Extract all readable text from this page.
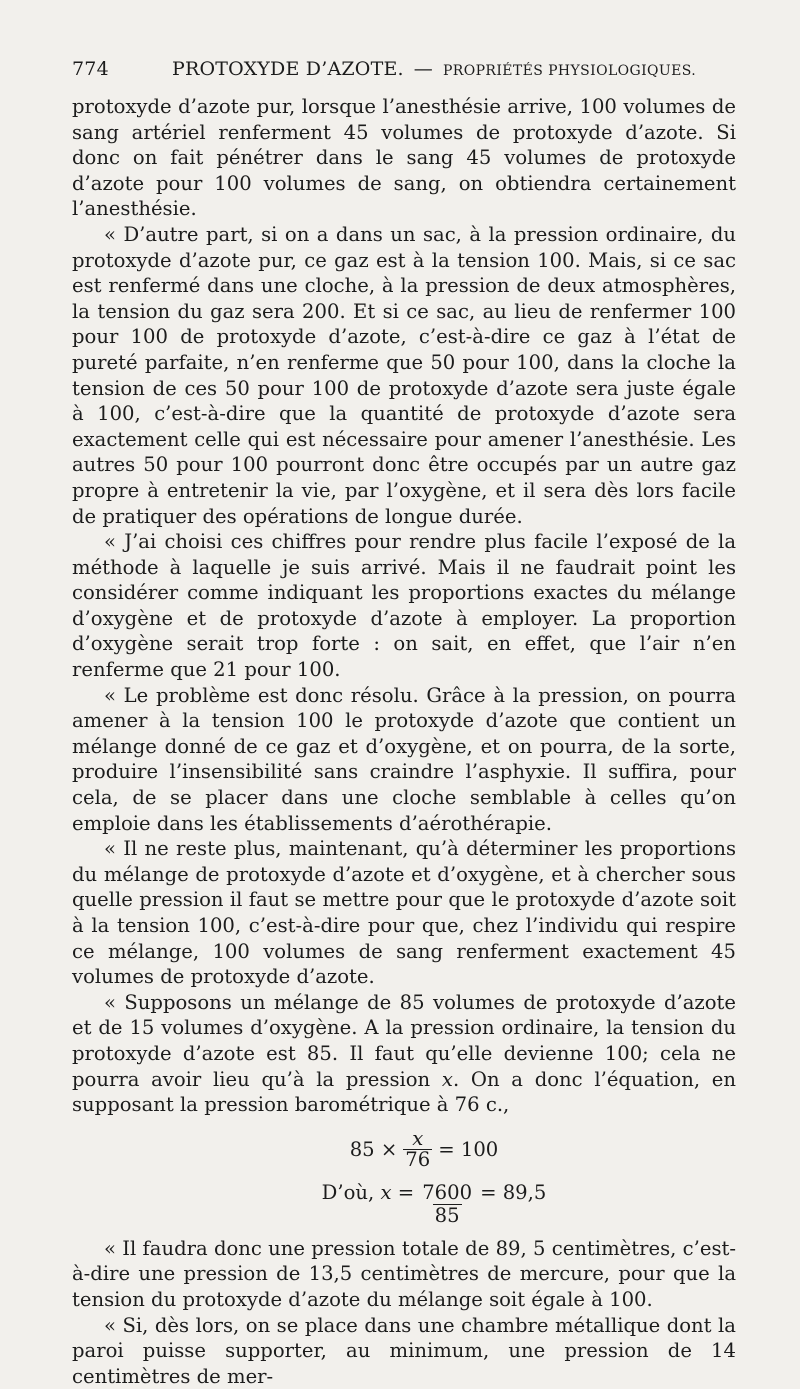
774	PROTOXYDE D’AZOTE. — PROPRIÉTÉS PHYSIOLOGIQUES.

protoxyde d’azote pur, lorsque l’anesthésie arrive, 100 volumes de sang artériel renferment 45 volumes de protoxyde d’azote. Si donc on fait pénétrer dans le sang 45 volumes de protoxyde d’azote pour 100 volumes de sang, on obtiendra certainement l’anesthésie.

« D’autre part, si on a dans un sac, à la pression ordinaire, du protoxyde d’azote pur, ce gaz est à la tension 100. Mais, si ce sac est renfermé dans une cloche, à la pression de deux atmosphères, la tension du gaz sera 200. Et si ce sac, au lieu de renfermer 100 pour 100 de protoxyde d’azote, c’est-à-dire ce gaz à l’état de pureté parfaite, n’en renferme que 50 pour 100, dans la cloche la tension de ces 50 pour 100 de protoxyde d’azote sera juste égale à 100, c’est-à-dire que la quantité de protoxyde d’azote sera exactement celle qui est nécessaire pour amener l’anesthésie. Les autres 50 pour 100 pourront donc être occupés par un autre gaz propre à entretenir la vie, par l’oxygène, et il sera dès lors facile de pratiquer des opérations de longue durée.

« J’ai choisi ces chiffres pour rendre plus facile l’exposé de la méthode à laquelle je suis arrivé. Mais il ne faudrait point les considérer comme indiquant les proportions exactes du mélange d’oxygène et de protoxyde d’azote à employer. La proportion d’oxygène serait trop forte : on sait, en effet, que l’air n’en renferme que 21 pour 100.

« Le problème est donc résolu. Grâce à la pression, on pourra amener à la tension 100 le protoxyde d’azote que contient un mélange donné de ce gaz et d’oxygène, et on pourra, de la sorte, produire l’insensibilité sans craindre l’asphyxie. Il suffira, pour cela, de se placer dans une cloche semblable à celles qu’on emploie dans les établissements d’aérothérapie.

« Il ne reste plus, maintenant, qu’à déterminer les proportions du mélange de protoxyde d’azote et d’oxygène, et à chercher sous quelle pression il faut se mettre pour que le protoxyde d’azote soit à la tension 100, c’est-à-dire pour que, chez l’individu qui respire ce mélange, 100 volumes de sang renferment exactement 45 volumes de protoxyde d’azote.

« Supposons un mélange de 85 volumes de protoxyde d’azote et de 15 volumes d’oxygène. A la pression ordinaire, la tension du protoxyde d’azote est 85. Il faut qu’elle devienne 100; cela ne pourra avoir lieu qu’à la pression x. On a donc l’équation, en supposant la pression barométrique à 76 c.,

$85 \times \frac{x}{76} = 100$
D’où,
x
= $\frac{7600}{85} = 89,5$

« Il faudra donc une pression totale de 89, 5 centimètres, c’est-à-dire une pression de 13,5 centimètres de mercure, pour que la tension du protoxyde d’azote du mélange soit égale à 100.

« Si, dès lors, on se place dans une chambre métallique dont la paroi puisse supporter, au minimum, une pression de 14 centimètres de mer-
